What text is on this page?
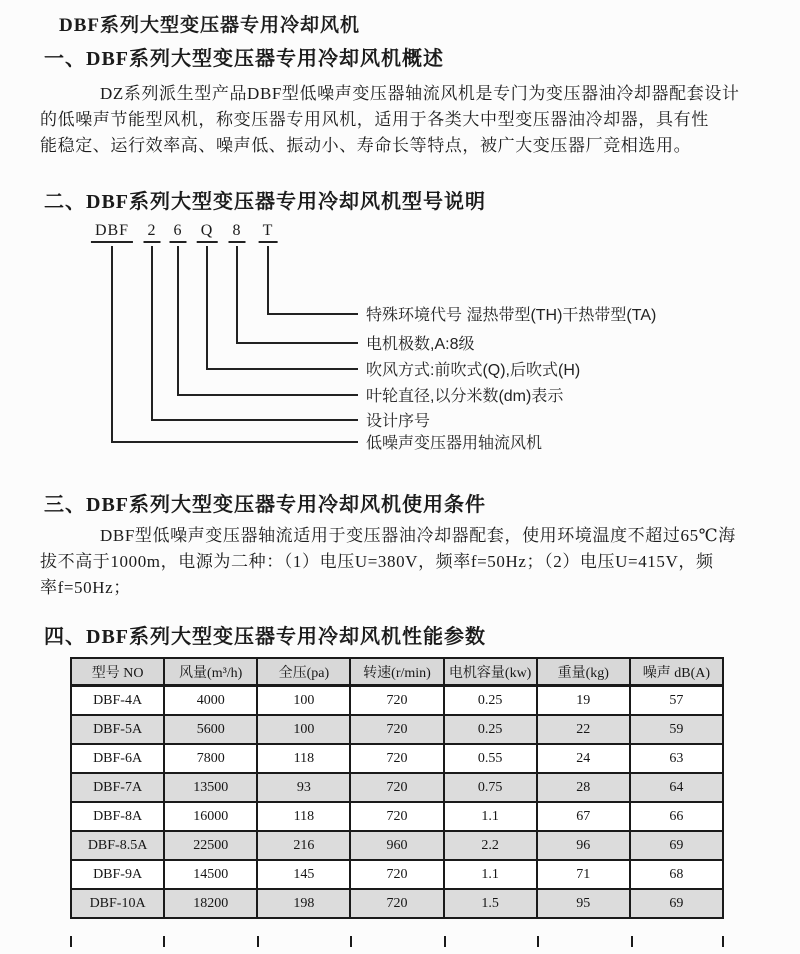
DBF系列大型变压器专用冷却风机
一、DBF系列大型变压器专用冷却风机概述
DZ系列派生型产品DBF型低噪声变压器轴流风机是专门为变压器油冷却器配套设计
的低噪声节能型风机，称变压器专用风机，适用于各类大中型变压器油冷却器，具有性
能稳定、运行效率高、噪声低、振动小、寿命长等特点，被广大变压器厂竞相选用。
二、DBF系列大型变压器专用冷却风机型号说明
DBF 2 6 Q 8 T
特殊环境代号 湿热带型(TH)干热带型(TA)
电机极数,A:8级
吹风方式:前吹式(Q),后吹式(H)
叶轮直径,以分米数(dm)表示
设计序号
低噪声变压器用轴流风机
三、DBF系列大型变压器专用冷却风机使用条件
DBF型低噪声变压器轴流适用于变压器油冷却器配套，使用环境温度不超过65℃海
拔不高于1000m，电源为二种：（1）电压U=380V，频率f=50Hz；（2）电压U=415V，频
率f=50Hz；
四、DBF系列大型变压器专用冷却风机性能参数
型号 NO	风量(m³/h)	全压(pa)	转速(r/min)	电机容量(kw)	重量(kg)	噪声 dB(A)
DBF-4A	4000	100	720	0.25	19	57
DBF-5A	5600	100	720	0.25	22	59
DBF-6A	7800	118	720	0.55	24	63
DBF-7A	13500	93	720	0.75	28	64
DBF-8A	16000	118	720	1.1	67	66
DBF-8.5A	22500	216	960	2.2	96	69
DBF-9A	14500	145	720	1.1	71	68
DBF-10A	18200	198	720	1.5	95	69
